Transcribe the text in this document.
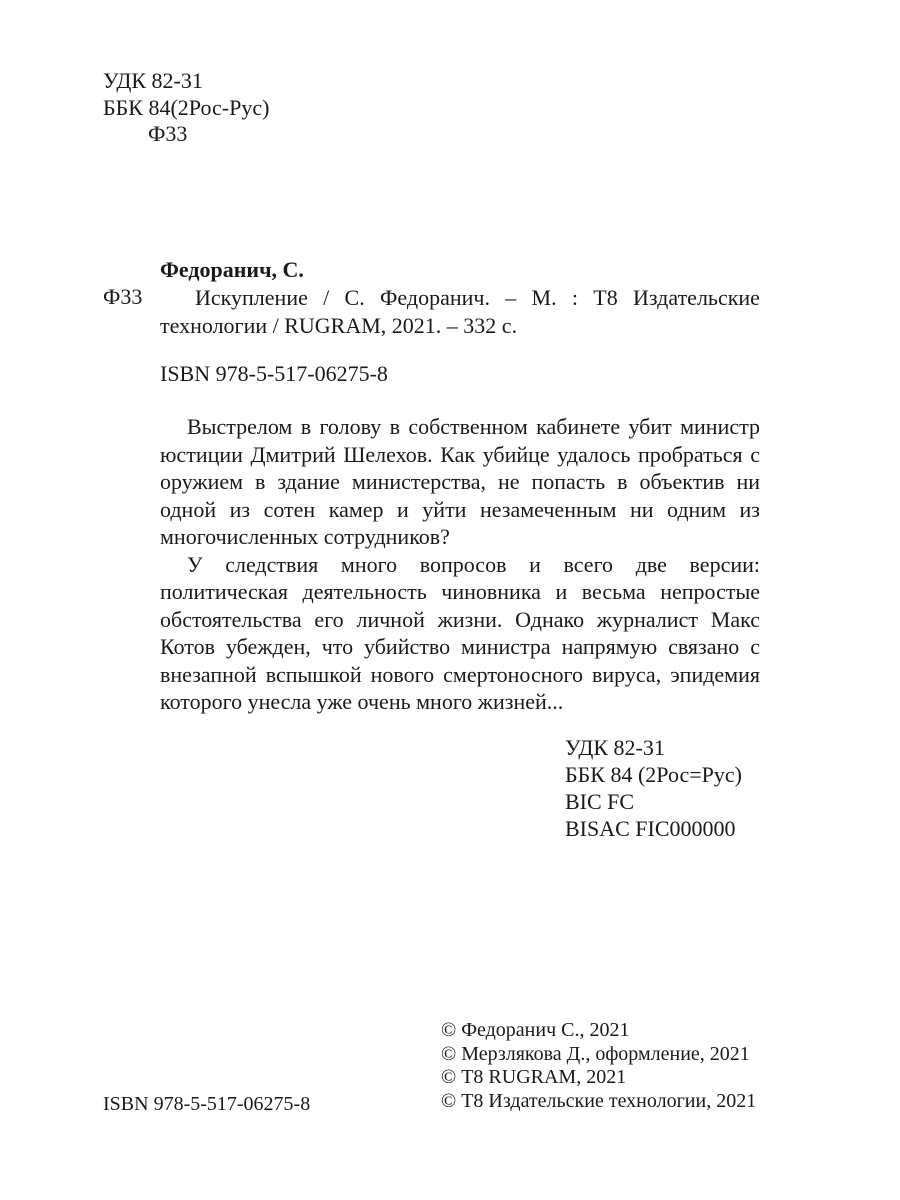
УДК 82-31
ББК 84(2Рос-Рус)
Ф33
Федоранич, С.
Ф33 Искупление / С. Федоранич. – М. : Т8 Издательские
технологии / RUGRAM, 2021. – 332 с.
ISBN 978-5-517-06275-8

Выстрелом в голову в собственном кабинете убит министр юстиции Дмитрий Шелехов. Как убийце удалось пробраться с оружием в здание министерства, не попасть в объектив ни одной из сотен камер и уйти незамеченным ни одним из многочисленных сотрудников?

У следствия много вопросов и всего две версии: политическая деятельность чиновника и весьма непростые обстоятельства его личной жизни. Однако журналист Макс Котов убежден, что убийство министра напрямую связано с внезапной вспышкой нового смертоносного вируса, эпидемия которого унесла уже очень много жизней...

УДК 82-31
ББК 84 (2Рос=Рус)
BIC FC
BISAC FIC000000
© Федоранич С., 2021
© Мерзлякова Д., оформление, 2021
© Т8 RUGRAM, 2021
© Т8 Издательские технологии, 2021
ISBN 978-5-517-06275-8
